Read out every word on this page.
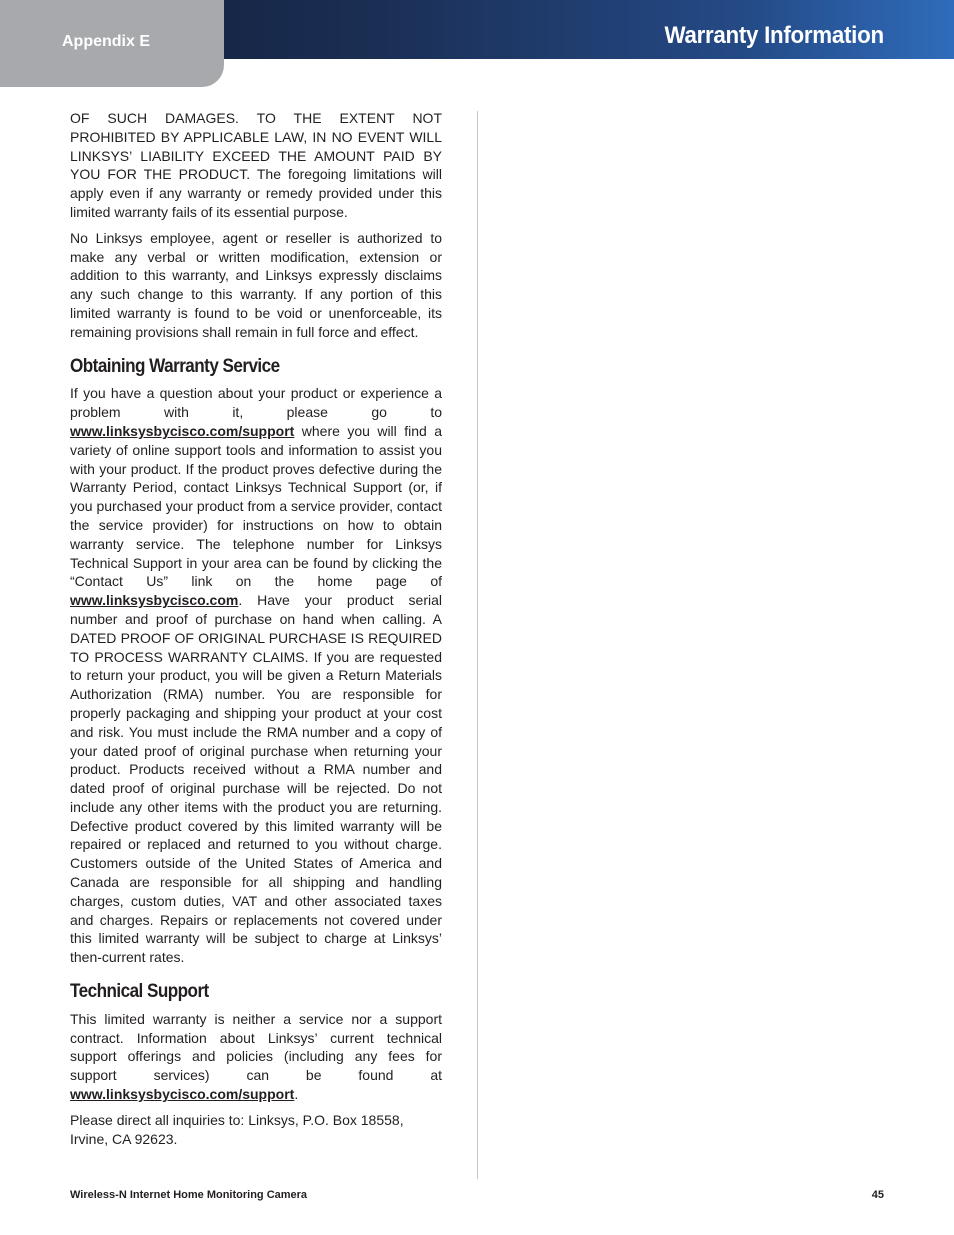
Appendix E	Warranty Information

OF SUCH DAMAGES. TO THE EXTENT NOT PROHIBITED BY APPLICABLE LAW, IN NO EVENT WILL LINKSYS’ LIABILITY EXCEED THE AMOUNT PAID BY YOU FOR THE PRODUCT. The foregoing limitations will apply even if any warranty or remedy provided under this limited warranty fails of its essential purpose.

No Linksys employee, agent or reseller is authorized to make any verbal or written modification, extension or addition to this warranty, and Linksys expressly disclaims any such change to this warranty. If any portion of this limited warranty is found to be void or unenforceable, its remaining provisions shall remain in full force and effect.

Obtaining Warranty Service

If you have a question about your product or experience a problem with it, please go to www.linksysbycisco.com/support where you will find a variety of online support tools and information to assist you with your product. If the product proves defective during the Warranty Period, contact Linksys Technical Support (or, if you purchased your product from a service provider, contact the service provider) for instructions on how to obtain warranty service. The telephone number for Linksys Technical Support in your area can be found by clicking the “Contact Us” link on the home page of www.linksysbycisco.com. Have your product serial number and proof of purchase on hand when calling. A DATED PROOF OF ORIGINAL PURCHASE IS REQUIRED TO PROCESS WARRANTY CLAIMS. If you are requested to return your product, you will be given a Return Materials Authorization (RMA) number. You are responsible for properly packaging and shipping your product at your cost and risk. You must include the RMA number and a copy of your dated proof of original purchase when returning your product. Products received without a RMA number and dated proof of original purchase will be rejected. Do not include any other items with the product you are returning. Defective product covered by this limited warranty will be repaired or replaced and returned to you without charge. Customers outside of the United States of America and Canada are responsible for all shipping and handling charges, custom duties, VAT and other associated taxes and charges. Repairs or replacements not covered under this limited warranty will be subject to charge at Linksys’ then-current rates.

Technical Support

This limited warranty is neither a service nor a support contract. Information about Linksys’ current technical support offerings and policies (including any fees for support services) can be found at www.linksysbycisco.com/support.

Please direct all inquiries to: Linksys, P.O. Box 18558, Irvine, CA 92623.

Wireless-N Internet Home Monitoring Camera	45
